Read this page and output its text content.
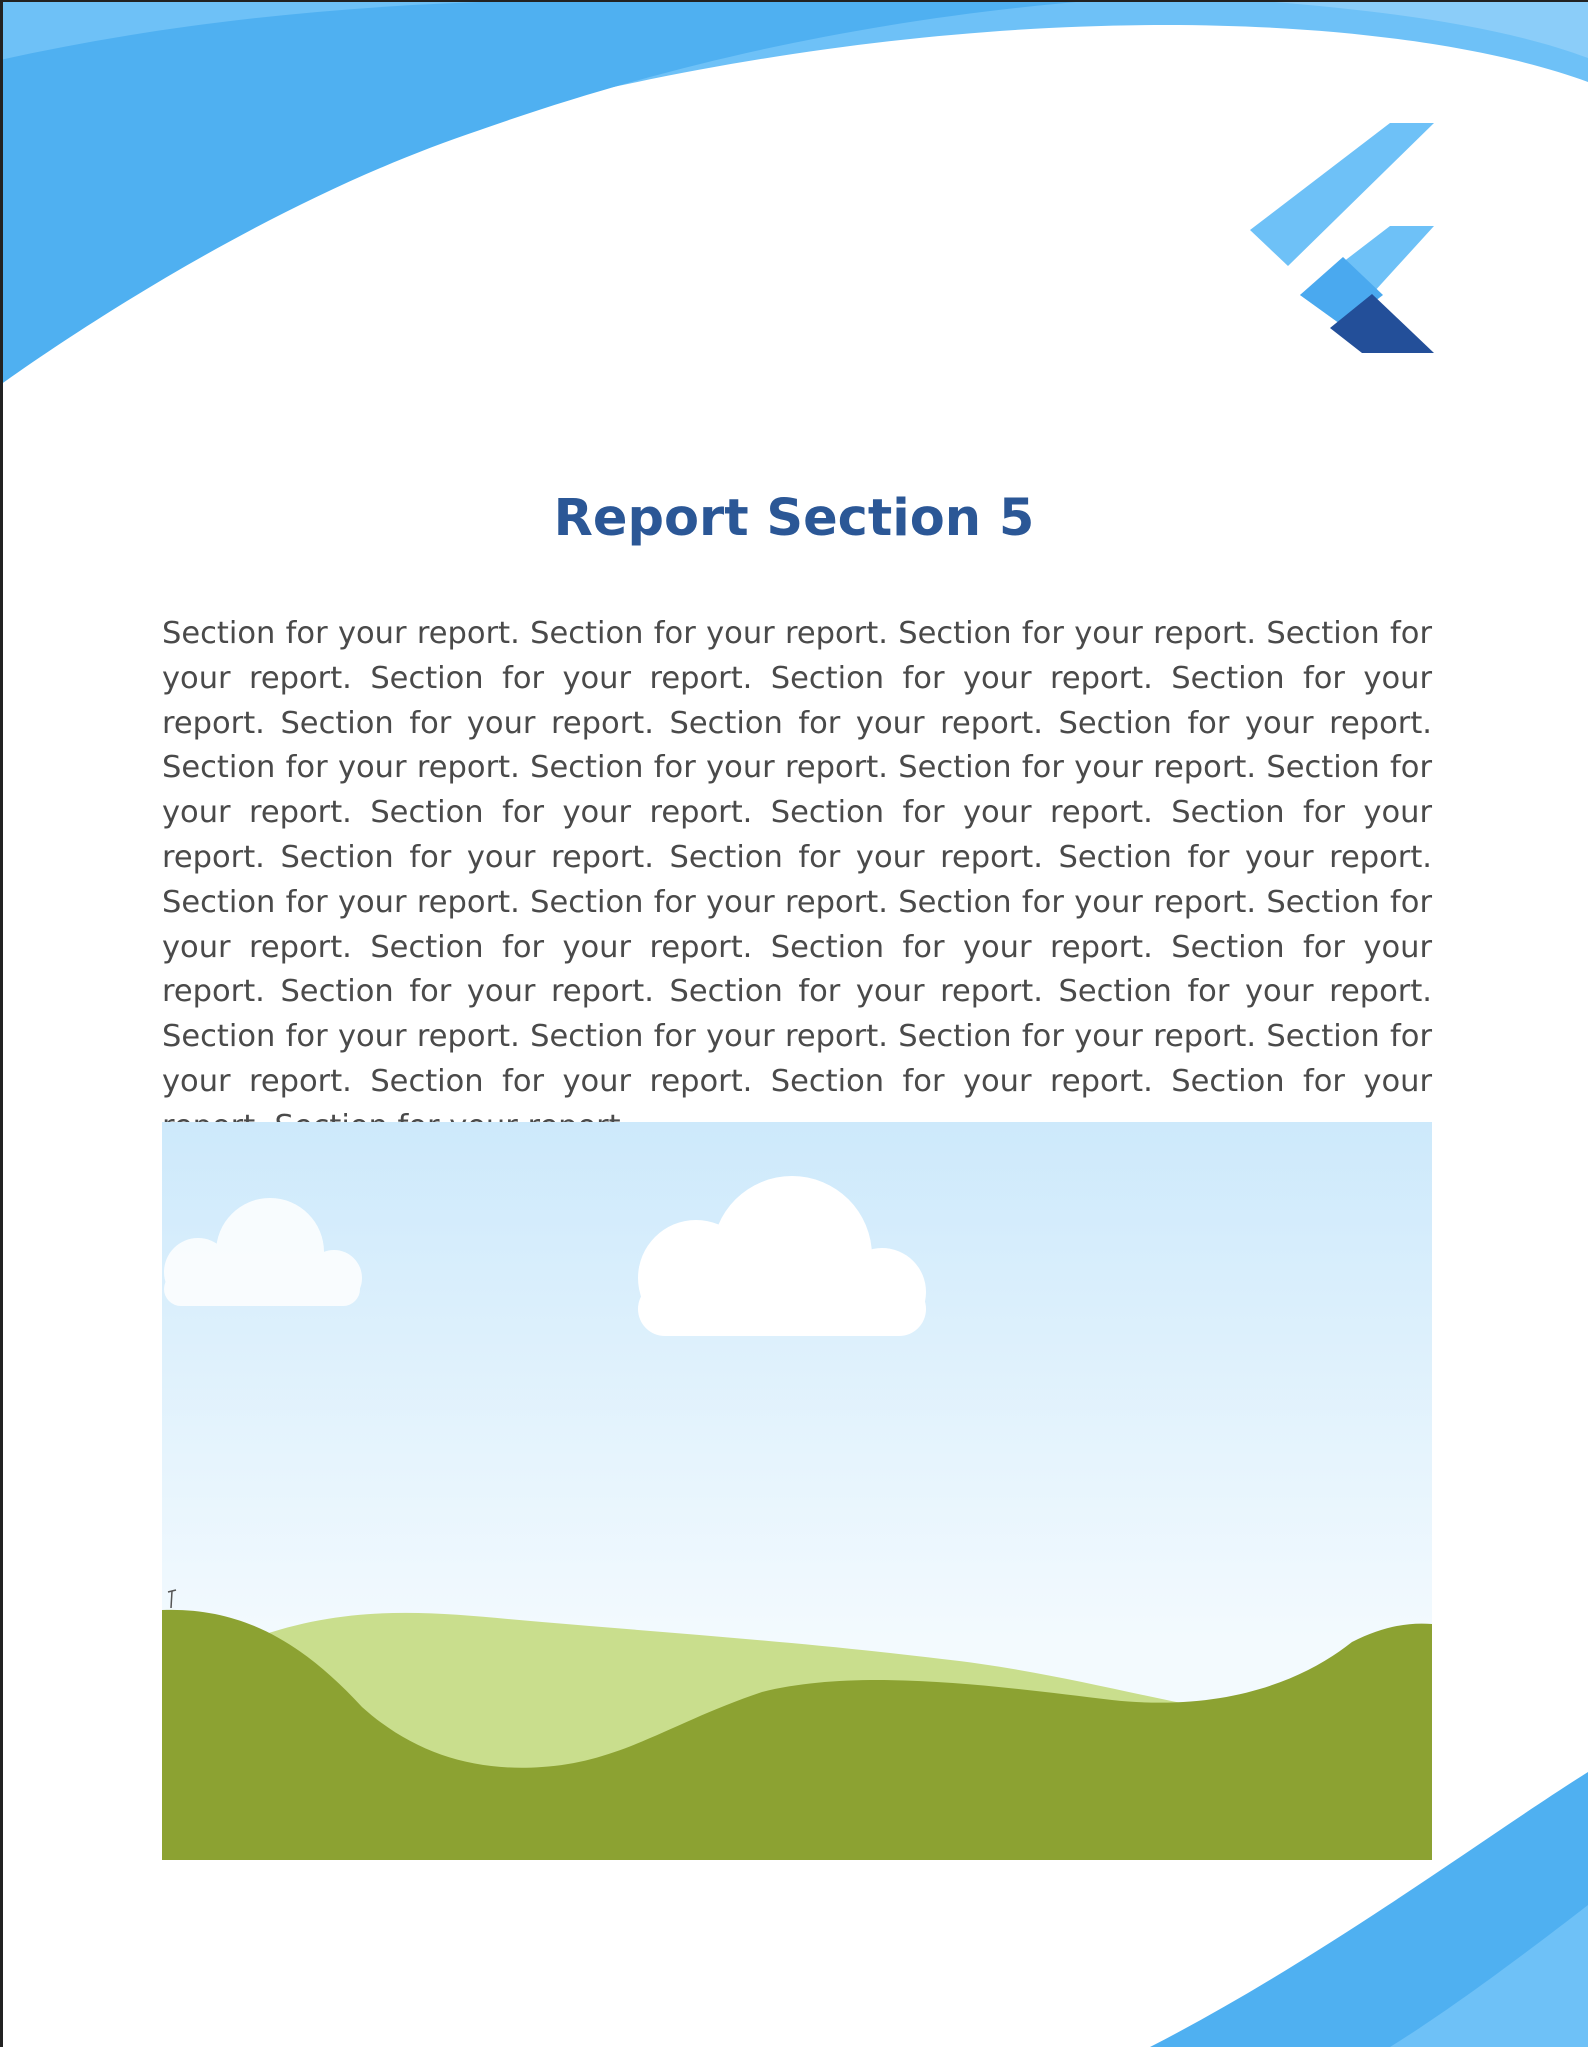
Report Section 5

Section for your report. Section for your report. Section for your report. Section for your report. Section for your report. Section for your report. Section for your report. Section for your report. Section for your report. Section for your report. Section for your report. Section for your report. Section for your report. Section for your report. Section for your report. Section for your report. Section for your report. Section for your report. Section for your report. Section for your report. Section for your report. Section for your report. Section for your report. Section for your report. Section for your report. Section for your report. Section for your report. Section for your report. Section for your report. Section for your report. Section for your report. Section for your report. Section for your report. Section for your report. Section for your report. Section for your report. Section for your
